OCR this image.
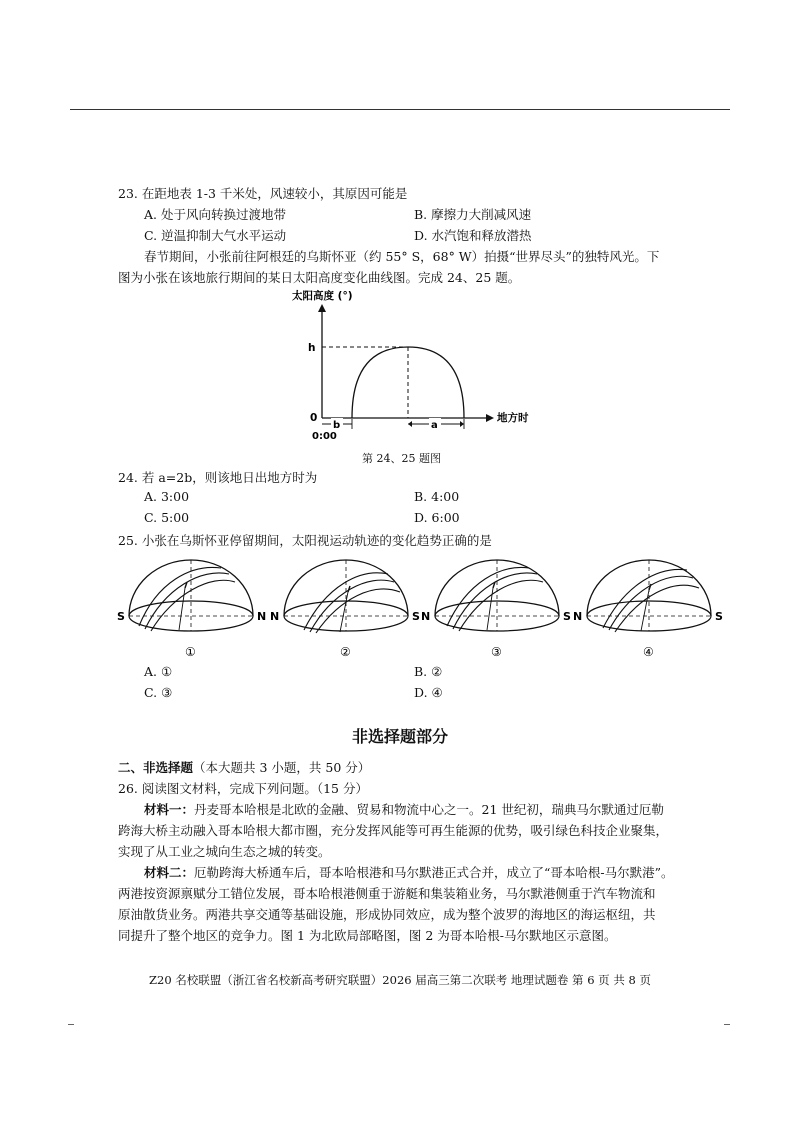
23. 在距地表 1-3 千米处，风速较小，其原因可能是
A. 处于风向转换过渡地带	B. 摩擦力大削减风速
C. 逆温抑制大气水平运动	D. 水汽饱和释放潜热
春节期间，小张前往阿根廷的乌斯怀亚（约 55° S，68° W）拍摄“世界尽头”的独特风光。下
图为小张在该地旅行期间的某日太阳高度变化曲线图。完成 24、25 题。
太阳高度 (°)
地方时
h
0
0:00
b	a
第 24、25 题图
24. 若 a=2b，则该地日出地方时为
A. 3:00	B. 4:00
C. 5:00	D. 6:00
25. 小张在乌斯怀亚停留期间，太阳视运动轨迹的变化趋势正确的是
S	N
①
N	S
②
N	S
③
N	S
④
A. ①	B. ②
C. ③	D. ④
非选择题部分
二、非选择题（本大题共 3 小题，共 50 分）
26. 阅读图文材料，完成下列问题。（15 分）
材料一：丹麦哥本哈根是北欧的金融、贸易和物流中心之一。21 世纪初，瑞典马尔默通过厄勒
跨海大桥主动融入哥本哈根大都市圈，充分发挥风能等可再生能源的优势，吸引绿色科技企业聚集，
实现了从工业之城向生态之城的转变。
材料二：厄勒跨海大桥通车后，哥本哈根港和马尔默港正式合并，成立了“哥本哈根-马尔默港”。
两港按资源禀赋分工错位发展，哥本哈根港侧重于游艇和集装箱业务，马尔默港侧重于汽车物流和
原油散货业务。两港共享交通等基础设施，形成协同效应，成为整个波罗的海地区的海运枢纽，共
同提升了整个地区的竞争力。图 1 为北欧局部略图，图 2 为哥本哈根-马尔默地区示意图。
Z20 名校联盟（浙江省名校新高考研究联盟）2026 届高三第二次联考 地理试题卷 第 6 页 共 8 页
